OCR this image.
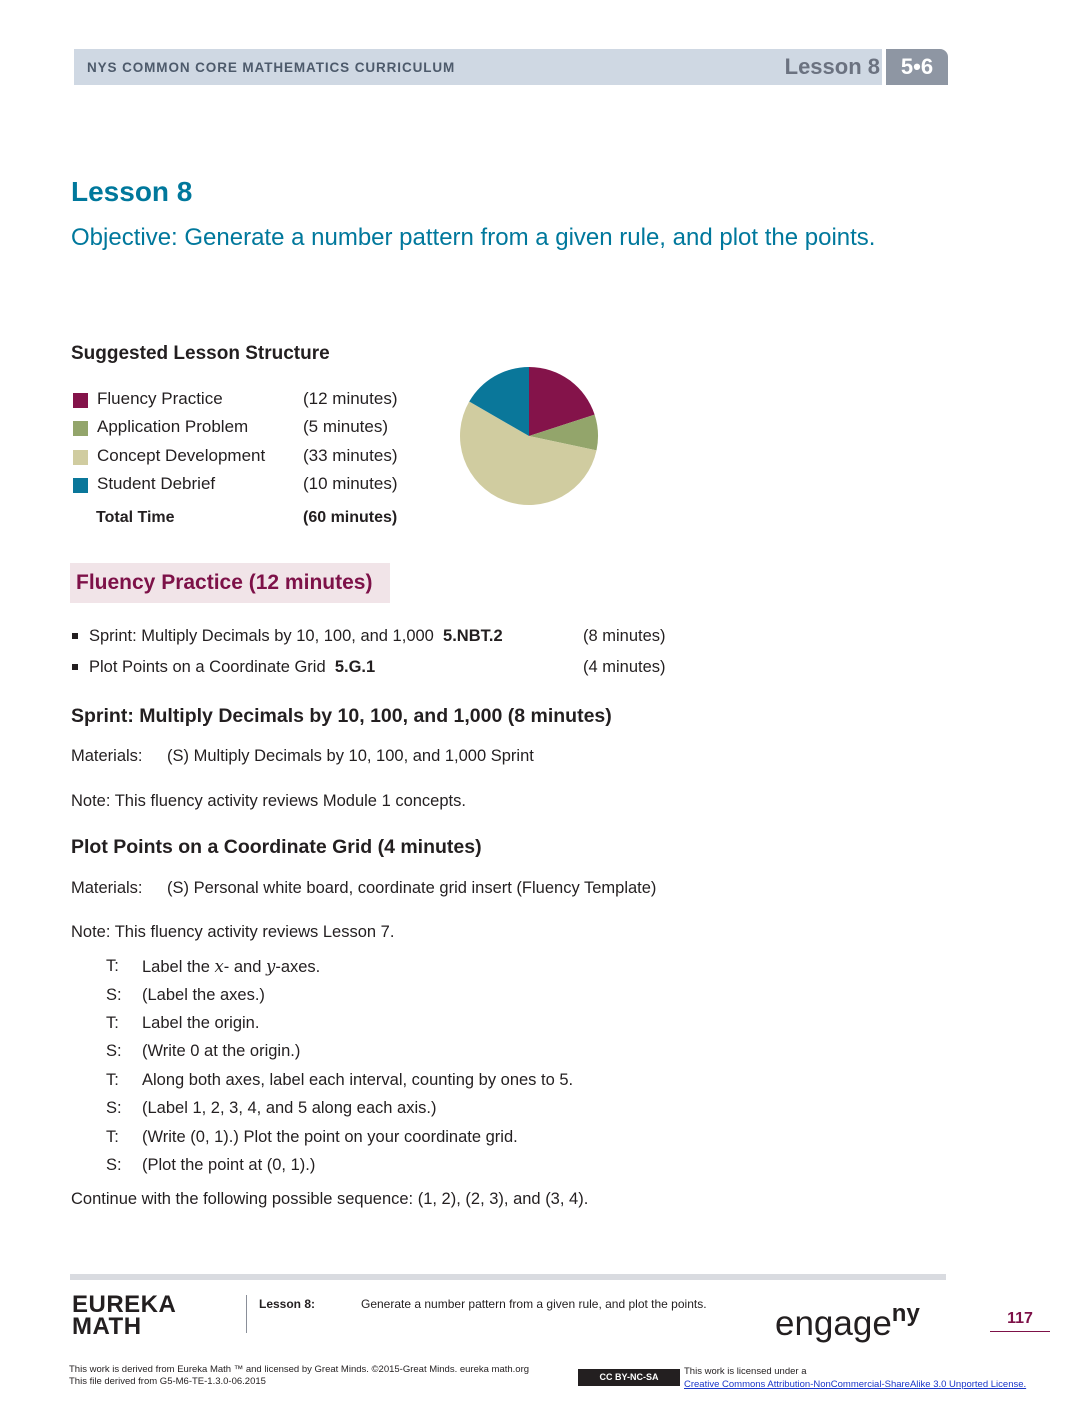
NYS COMMON CORE MATHEMATICS CURRICULUM	Lesson 8 5•6
Lesson 8
Objective: Generate a number pattern from a given rule, and plot the points.
Suggested Lesson Structure
Fluency Practice	(12 minutes)
Application Problem	(5 minutes)
Concept Development (33 minutes)
Student Debrief	(10 minutes)
Total Time	(60 minutes)
Fluency Practice (12 minutes)
Sprint: Multiply Decimals by 10, 100, and 1,000 5.NBT.2	(8 minutes)
Plot Points on a Coordinate Grid 5.G.1	(4 minutes)
Sprint: Multiply Decimals by 10, 100, and 1,000 (8 minutes)
Materials: (S) Multiply Decimals by 10, 100, and 1,000 Sprint
Note: This fluency activity reviews Module 1 concepts.
Plot Points on a Coordinate Grid (4 minutes)
Materials: (S) Personal white board, coordinate grid insert (Fluency Template)
Note: This fluency activity reviews Lesson 7.
T: Label the x- and y-axes.
S: (Label the axes.)
T: Label the origin.
S: (Write 0 at the origin.)
T: Along both axes, label each interval, counting by ones to 5.
S: (Label 1, 2, 3, 4, and 5 along each axis.)
T: (Write (0, 1).) Plot the point on your coordinate grid.
S: (Plot the point at (0, 1).)
Continue with the following possible sequence: (1, 2), (2, 3), and (3, 4).
EUREKA
MATH
Lesson 8:	Generate a number pattern from a given rule, and plot the points. engage$^{ny}$	117
This work is derived from Eureka Math ™ and licensed by Great Minds. ©2015-Great Minds. eureka math.org
This file derived from G5-M6-TE-1.3.0-06.2015	CC BY-NC-SA	This work is licensed under a
Creative Commons Attribution-NonCommercial-ShareAlike 3.0 Unported License.
